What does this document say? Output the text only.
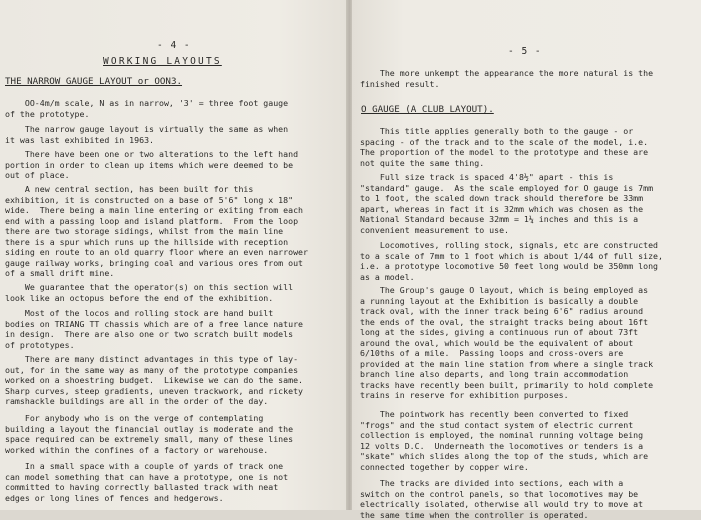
- 4 -
WORKING LAYOUTS
THE NARROW GAUGE LAYOUT or OON3.
OO-4m/m scale, N as in narrow, '3' = three foot gauge
of the prototype.
The narrow gauge layout is virtually the same as when
it was last exhibited in 1963.
There have been one or two alterations to the left hand
portion in order to clean up items which were deemed to be
out of place.
A new central section, has been built for this
exhibition, it is constructed on a base of 5'6" long x 18"
wide.  There being a main line entering or exiting from each
end with a passing loop and island platform.  From the loop
there are two storage sidings, whilst from the main line
there is a spur which runs up the hillside with reception
siding en route to an old quarry floor where an even narrower
gauge railway works, bringing coal and various ores from out
of a small drift mine.
We guarantee that the operator(s) on this section will
look like an octopus before the end of the exhibition.
Most of the locos and rolling stock are hand built
bodies on TRIANG TT chassis which are of a free lance nature
in design.  There are also one or two scratch built models
of prototypes.
There are many distinct advantages in this type of lay-
out, for in the same way as many of the prototype companies
worked on a shoestring budget.  Likewise we can do the same.
Sharp curves, steep gradients, uneven trackwork, and rickety
ramshackle buildings are all in the order of the day.
For anybody who is on the verge of contemplating
building a layout the financial outlay is moderate and the
space required can be extremely small, many of these lines
worked within the confines of a factory or warehouse.
In a small space with a couple of yards of track one
can model something that can have a prototype, one is not
committed to having correctly ballasted track with neat
edges or long lines of fences and hedgerows.
- 5 -
The more unkempt the appearance the more natural is the
finished result.
O GAUGE (A CLUB LAYOUT).
This title applies generally both to the gauge - or
spacing - of the track and to the scale of the model, i.e.
The proportion of the model to the prototype and these are
not quite the same thing.
Full size track is spaced 4'8½" apart - this is
"standard" gauge.  As the scale employed for O gauge is 7mm
to 1 foot, the scaled down track should therefore be 33mm
apart, whereas in fact it is 32mm which was chosen as the
National Standard because 32mm = 1¼ inches and this is a
convenient measurement to use.
Locomotives, rolling stock, signals, etc are constructed
to a scale of 7mm to 1 foot which is about 1/44 of full size,
i.e. a prototype locomotive 50 feet long would be 350mm long
as a model.
The Group's gauge O layout, which is being employed as
a running layout at the Exhibition is basically a double
track oval, with the inner track being 6'6" radius around
the ends of the oval, the straight tracks being about 16ft
long at the sides, giving a continuous run of about 73ft
around the oval, which would be the equivalent of about
6/10ths of a mile.  Passing loops and cross-overs are
provided at the main line station from where a single track
branch line also departs, and long train accommodation
tracks have recently been built, primarily to hold complete
trains in reserve for exhibition purposes.
The pointwork has recently been converted to fixed
"frogs" and the stud contact system of electric current
collection is employed, the nominal running voltage being
12 volts D.C.  Underneath the locomotives or tenders is a
"skate" which slides along the top of the studs, which are
connected together by copper wire.
The tracks are divided into sections, each with a
switch on the control panels, so that locomotives may be
electrically isolated, otherwise all would try to move at
the same time when the controller is operated.
